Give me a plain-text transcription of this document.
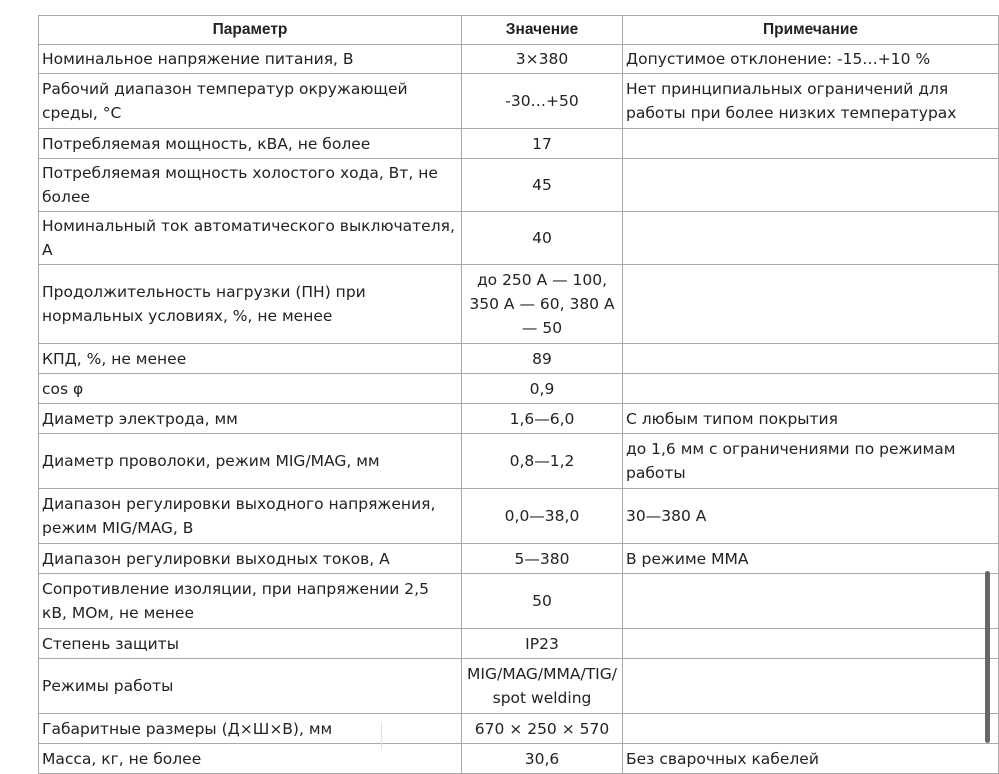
Параметр	Значение	Примечание
Номинальное напряжение питания, В	3×380	Допустимое отклонение: -15…+10 %
Рабочий диапазон температур окружающей среды, °С	-30…+50	Нет принципиальных ограничений для работы при более низких температурах
Потребляемая мощность, кВА, не более	17	
Потребляемая мощность холостого хода, Вт, не более	45	
Номинальный ток автоматического выключателя, А	40	
Продолжительность нагрузки (ПН) при нормальных условиях, %, не менее	до 250 А — 100, 350 А — 60, 380 А — 50	
КПД, %, не менее	89	
cos φ	0,9	
Диаметр электрода, мм	1,6—6,0	С любым типом покрытия
Диаметр проволоки, режим MIG/MAG, мм	0,8—1,2	до 1,6 мм с ограничениями по режимам работы
Диапазон регулировки выходного напряжения, режим MIG/MAG, В	0,0—38,0	30—380 А
Диапазон регулировки выходных токов, А	5—380	В режиме ММА
Сопротивление изоляции, при напряжении 2,5 кВ, МОм, не менее	50	
Степень защиты	IP23	
Режимы работы	MIG/MAG/MMA/TIG/ spot welding	
Габаритные размеры (Д×Ш×В), мм	670 × 250 × 570	
Масса, кг, не более	30,6	Без сварочных кабелей
